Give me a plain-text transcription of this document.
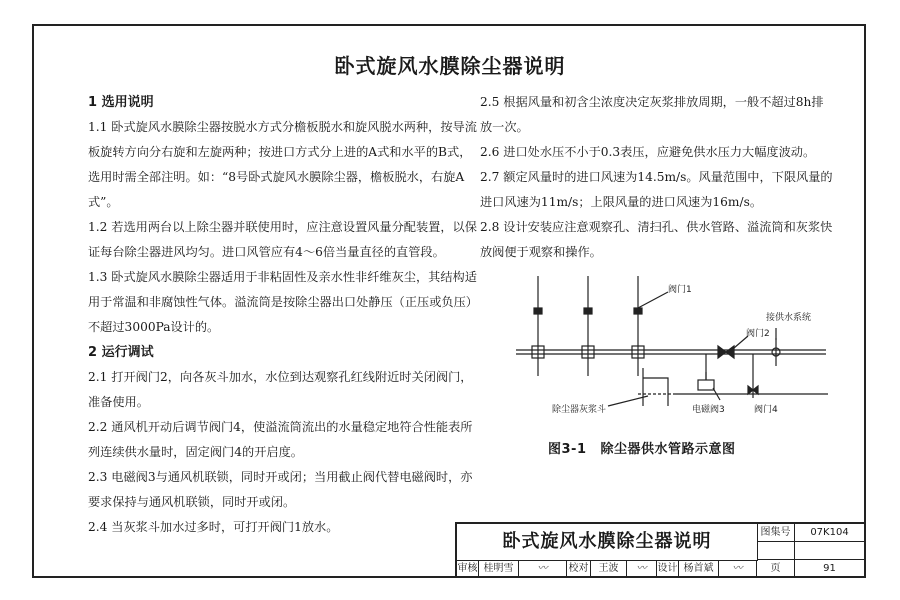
卧式旋风水膜除尘器说明

1 选用说明

1.1 卧式旋风水膜除尘器按脱水方式分檐板脱水和旋风脱水两种，按导流板旋转方向分右旋和左旋两种；按进口方式分上进的A式和水平的B式，选用时需全部注明。如：“8号卧式旋风水膜除尘器，檐板脱水，右旋A式”。

1.2 若选用两台以上除尘器并联使用时，应注意设置风量分配装置，以保证每台除尘器进风均匀。进口风管应有4～6倍当量直径的直管段。

1.3 卧式旋风水膜除尘器适用于非粘固性及亲水性非纤维灰尘，其结构适用于常温和非腐蚀性气体。溢流筒是按除尘器出口处静压（正压或负压）不超过3000Pa设计的。

2 运行调试

2.1 打开阀门2，向各灰斗加水，水位到达观察孔红线附近时关闭阀门，准备使用。

2.2 通风机开动后调节阀门4，使溢流筒流出的水量稳定地符合性能表所列连续供水量时，固定阀门4的开启度。

2.3 电磁阀3与通风机联锁，同时开或闭；当用截止阀代替电磁阀时，亦要求保持与通风机联锁，同时开或闭。

2.4 当灰浆斗加水过多时，可打开阀门1放水。

2.5 根据风量和初含尘浓度决定灰浆排放周期，一般不超过8h排放一次。

2.6 进口处水压不小于0.3表压，应避免供水压力大幅度波动。

2.7 额定风量时的进口风速为14.5m/s。风量范围中，下限风量的进口风速为11m/s；上限风量的进口风速为16m/s。

2.8 设计安装应注意观察孔、清扫孔、供水管路、溢流筒和灰浆快放阀便于观察和操作。

阀门1
阀门2
接供水系统
除尘器灰浆斗	电磁阀3	阀门4
图3-1 除尘器供水管路示意图
卧式旋风水膜除尘器说明	图集号	07K104
审核 桂明雪	〰	校对	王波	〰	设计 杨首斌	〰	页	91
